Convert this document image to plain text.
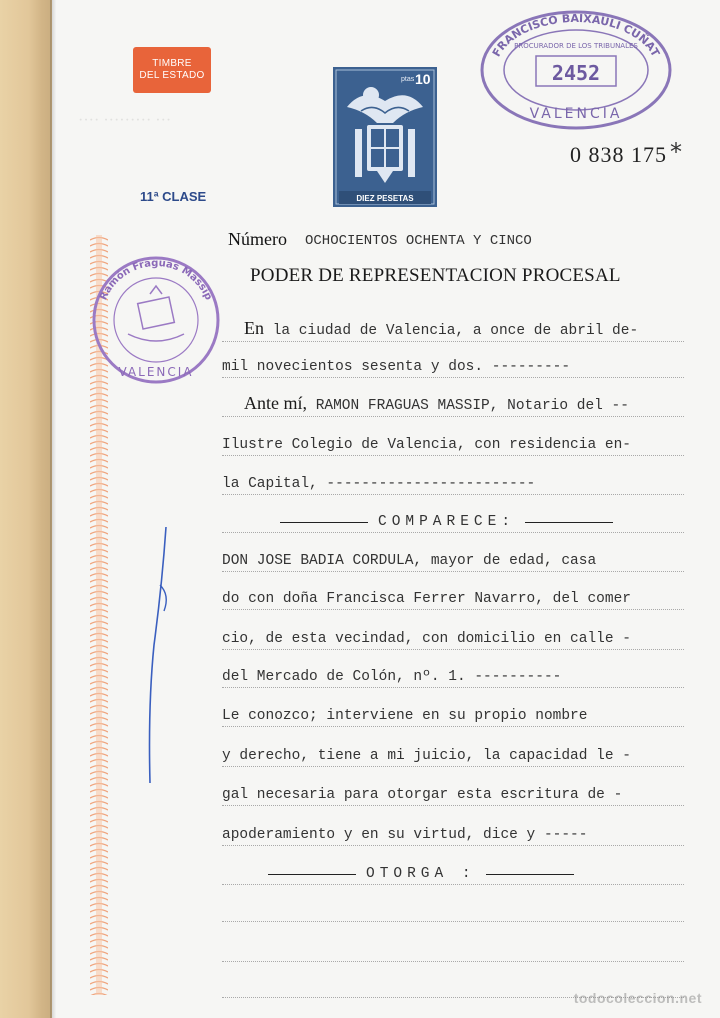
···· ········· ···
TIMBRE
DEL ESTADO	ptas 10
DIEZ PESETAS
FRANCISCO BAIXAULI CUÑAT
PROCURADOR DE LOS TRIBUNALES
2452
VALENCIA
0 838 175 *
11ª CLASE
Ramón Fraguas Massip
VALENCIA
Número OCHOCIENTOS OCHENTA Y CINCO
PODER DE REPRESENTACION PROCESAL
En la ciudad de Valencia, a once de abril de-
mil novecientos sesenta y dos. ---------
Ante mí, RAMON FRAGUAS MASSIP, Notario del --
Ilustre Colegio de Valencia, con residencia en-
la Capital, ------------------------
COMPARECE:
DON JOSE BADIA CORDULA, mayor de edad, casa
do con doña Francisca Ferrer Navarro, del comer
cio, de esta vecindad, con domicilio en calle -
del Mercado de Colón, nº. 1. ----------
Le conozco; interviene en su propio nombre
y derecho, tiene a mi juicio, la capacidad le -
gal necesaria para otorgar esta escritura de -
apoderamiento y en su virtud, dice y -----
OTORGA :
todocoleccion.net
